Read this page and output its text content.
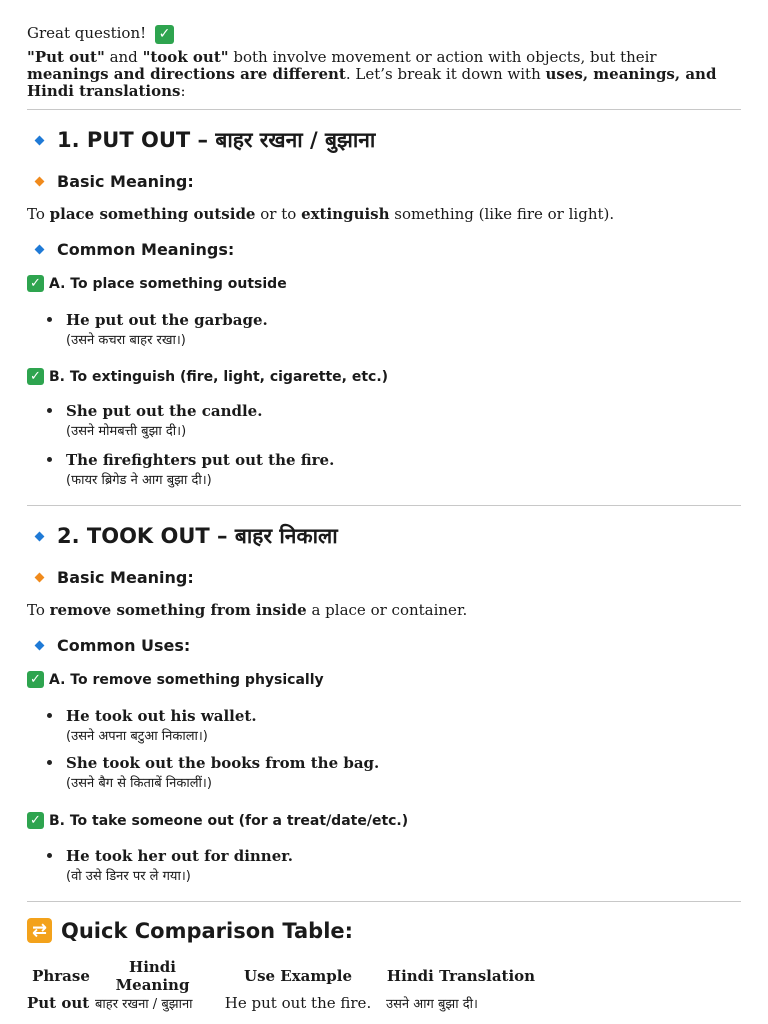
Great question! ✓
"Put out" and "took out" both involve movement or action with objects, but their meanings and directions are different. Let’s break it down with uses, meanings, and Hindi translations:
1. PUT OUT – बाहर रखना / बुझाना
Basic Meaning:
To place something outside or to extinguish something (like fire or light).
Common Meanings:
✓ A. To place something outside
He put out the garbage.
(उसने कचरा बाहर रखा।)
✓ B. To extinguish (fire, light, cigarette, etc.)
She put out the candle.
(उसने मोमबत्ती बुझा दी।)
The firefighters put out the fire.
(फायर ब्रिगेड ने आग बुझा दी।)
2. TOOK OUT – बाहर निकाला
Basic Meaning:
To remove something from inside a place or container.
Common Uses:
✓ A. To remove something physically
He took out his wallet.
(उसने अपना बटुआ निकाला।)
She took out the books from the bag.
(उसने बैग से किताबें निकालीं।)
✓ B. To take someone out (for a treat/date/etc.)
He took her out for dinner.
(वो उसे डिनर पर ले गया।)
⇄ Quick Comparison Table:
Phrase	Hindi Meaning	Use Example	Hindi Translation
Put out	बाहर रखना / बुझाना	He put out the fire.	उसने आग बुझा दी।
